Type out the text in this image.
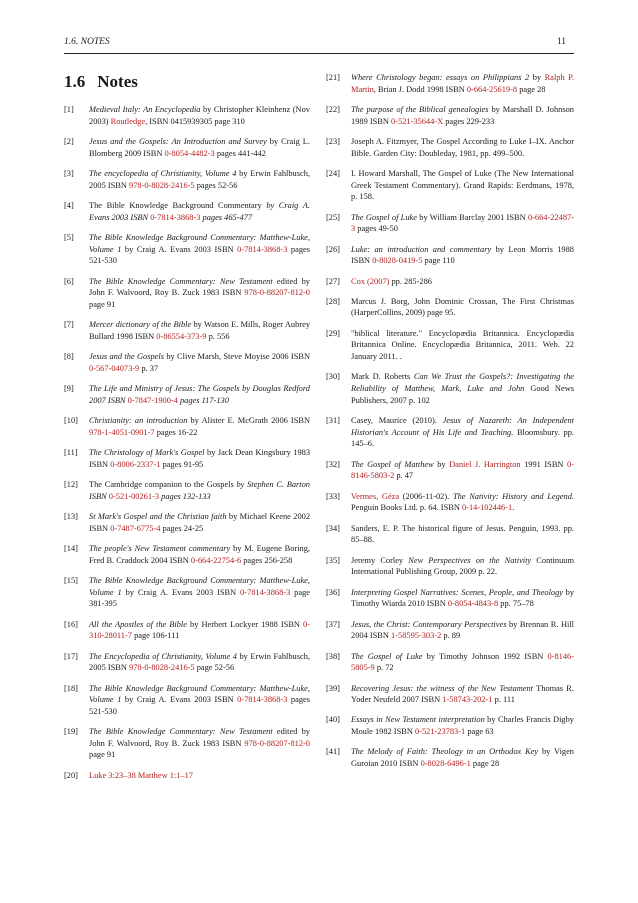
1.6. NOTES	11
1.6 Notes

[1] Medieval Italy: An Encyclopedia by Christopher Kleinhenz (Nov 2003) Routledge, ISBN 0415939305 page 310

[2] Jesus and the Gospels: An Introduction and Survey by Craig L. Blomberg 2009 ISBN 0-8054-4482-3 pages 441-442

[3] The encyclopedia of Christianity, Volume 4 by Erwin Fahlbusch, 2005 ISBN 978-0-8028-2416-5 pages 52-56

[4] The Bible Knowledge Background Commentary by Craig A. Evans 2003 ISBN 0-7814-3868-3 pages 465-477

[5] The Bible Knowledge Background Commentary: Matthew-Luke, Volume 1 by Craig A. Evans 2003 ISBN 0-7814-3868-3 pages 521-530

[6] The Bible Knowledge Commentary: New Testament edited by John F. Walvoord, Roy B. Zuck 1983 ISBN 978-0-88207-812-0 page 91

[7] Mercer dictionary of the Bible by Watson E. Mills, Roger Aubrey Bullard 1998 ISBN 0-86554-373-9 p. 556

[8] Jesus and the Gospels by Clive Marsh, Steve Moyise 2006 ISBN 0-567-04073-9 p. 37

[9] The Life and Ministry of Jesus: The Gospels by Douglas Redford 2007 ISBN 0-7847-1900-4 pages 117-130

[10] Christianity: an introduction by Alister E. McGrath 2006 ISBN 978-1-4051-0901-7 pages 16-22

[11] The Christology of Mark's Gospel by Jack Dean Kingsbury 1983 ISBN 0-8006-2337-1 pages 91-95

[12] The Cambridge companion to the Gospels by Stephen C. Barton ISBN 0-521-00261-3 pages 132-133

[13] St Mark's Gospel and the Christian faith by Michael Keene 2002 ISBN 0-7487-6775-4 pages 24-25

[14] The people's New Testament commentary by M. Eugene Boring, Fred B. Craddock 2004 ISBN 0-664-22754-6 pages 256-258

[15] The Bible Knowledge Background Commentary: Matthew-Luke, Volume 1 by Craig A. Evans 2003 ISBN 0-7814-3868-3 page 381-395

[16] All the Apostles of the Bible by Herbert Lockyer 1988 ISBN 0-310-28011-7 page 106-111

[17] The Encyclopedia of Christianity, Volume 4 by Erwin Fahlbusch, 2005 ISBN 978-0-8028-2416-5 page 52-56

[18] The Bible Knowledge Background Commentary: Matthew-Luke, Volume 1 by Craig A. Evans 2003 ISBN 0-7814-3868-3 pages 521-530

[19] The Bible Knowledge Commentary: New Testament edited by John F. Walvoord, Roy B. Zuck 1983 ISBN 978-0-88207-812-0 page 91

[20] Luke 3:23–38 Matthew 1:1–17

[21] Where Christology began: essays on Philippians 2 by Ralph P. Martin, Brian J. Dodd 1998 ISBN 0-664-25619-8 page 28

[22] The purpose of the Biblical genealogies by Marshall D. Johnson 1989 ISBN 0-521-35644-X pages 229-233

[23] Joseph A. Fitzmyer, The Gospel According to Luke I–IX. Anchor Bible. Garden City: Doubleday, 1981, pp. 499–500.

[24] I. Howard Marshall, The Gospel of Luke (The New International Greek Testament Commentary). Grand Rapids: Eerdmans, 1978, p. 158.

[25] The Gospel of Luke by William Barclay 2001 ISBN 0-664-22487-3 pages 49-50

[26] Luke: an introduction and commentary by Leon Morris 1988 ISBN 0-8028-0419-5 page 110

[27] Cox (2007) pp. 285-286

[28] Marcus J. Borg, John Dominic Crossan, The First Christmas (HarperCollins, 2009) page 95.

[29] "biblical literature." Encyclopædia Britannica. Encyclopædia Britannica Online. Encyclopædia Britannica, 2011. Web. 22 January 2011. .

[30] Mark D. Roberts Can We Trust the Gospels?: Investigating the Reliability of Matthew, Mark, Luke and John Good News Publishers, 2007 p. 102

[31] Casey, Maurice (2010). Jesus of Nazareth: An Independent Historian's Account of His Life and Teaching. Bloomsbury. pp. 145–6.

[32] The Gospel of Matthew by Daniel J. Harrington 1991 ISBN 0-8146-5803-2 p. 47

[33] Vermes, Géza (2006-11-02). The Nativity: History and Legend. Penguin Books Ltd. p. 64. ISBN 0-14-102446-1.

[34] Sanders, E. P. The historical figure of Jesus. Penguin, 1993. pp. 85–88.

[35] Jeremy Corley New Perspectives on the Nativity Continuum International Publishing Group, 2009 p. 22.

[36] Interpreting Gospel Narratives: Scenes, People, and Theology by Timothy Wiarda 2010 ISBN 0-8054-4843-8 pp. 75–78

[37] Jesus, the Christ: Contemporary Perspectives by Brennan R. Hill 2004 ISBN 1-58595-303-2 p. 89

[38] The Gospel of Luke by Timothy Johnson 1992 ISBN 0-8146-5805-9 p. 72

[39] Recovering Jesus: the witness of the New Testament Thomas R. Yoder Neufeld 2007 ISBN 1-58743-202-1 p. 111

[40] Essays in New Testament interpretation by Charles Francis Digby Moule 1982 ISBN 0-521-23783-1 page 63

[41] The Melody of Faith: Theology in an Orthodox Key by Vigen Guroian 2010 ISBN 0-8028-6496-1 page 28
